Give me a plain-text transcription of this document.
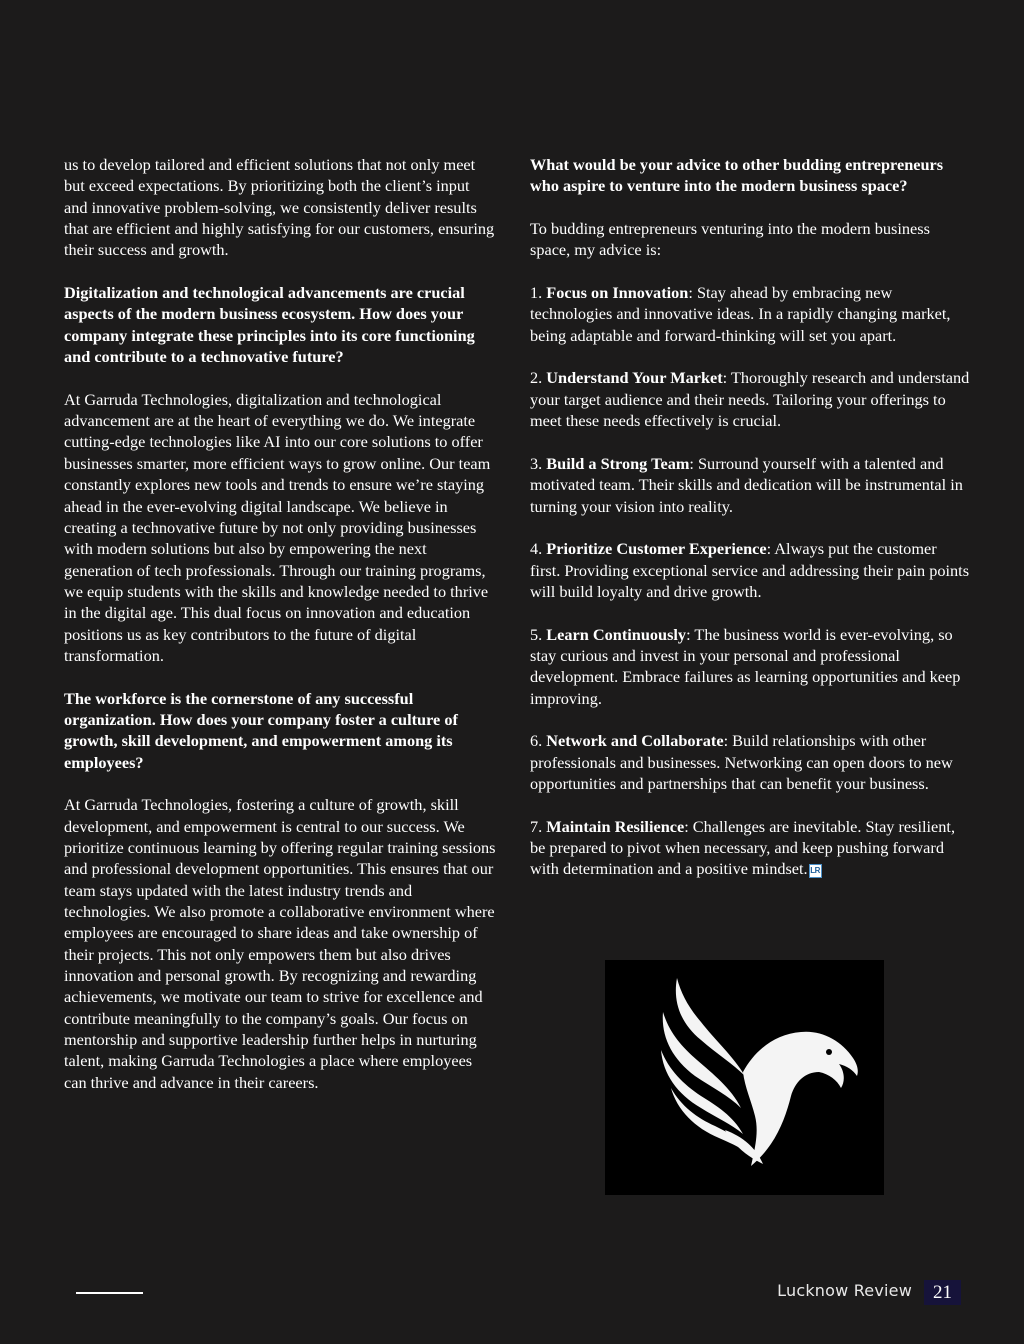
us to develop tailored and efficient solutions that not only meet but exceed expectations. By prioritizing both the client’s input and innovative problem-solving, we consistently deliver results that are efficient and highly satisfying for our customers, ensuring their success and growth.

Digitalization and technological advancements are crucial aspects of the modern business ecosystem. How does your company integrate these principles into its core functioning and contribute to a technovative future?

At Garruda Technologies, digitalization and technological advancement are at the heart of everything we do. We integrate cutting-edge technologies like AI into our core solutions to offer businesses smarter, more efficient ways to grow online. Our team constantly explores new tools and trends to ensure we’re staying ahead in the ever-evolving digital landscape. We believe in creating a technovative future by not only providing businesses with modern solutions but also by empowering the next generation of tech professionals. Through our training programs, we equip students with the skills and knowledge needed to thrive in the digital age. This dual focus on innovation and education positions us as key contributors to the future of digital transformation.

The workforce is the cornerstone of any successful organization. How does your company foster a culture of growth, skill development, and empowerment among its employees?

At Garruda Technologies, fostering a culture of growth, skill development, and empowerment is central to our success. We prioritize continuous learning by offering regular training sessions and professional development opportunities. This ensures that our team stays updated with the latest industry trends and technologies. We also promote a collaborative environment where employees are encouraged to share ideas and take ownership of their projects. This not only empowers them but also drives innovation and personal growth. By recognizing and rewarding achievements, we motivate our team to strive for excellence and contribute meaningfully to the company’s goals. Our focus on mentorship and supportive leadership further helps in nurturing talent, making Garruda Technologies a place where employees can thrive and advance in their careers.

What would be your advice to other budding entrepreneurs who aspire to venture into the modern business space?

To budding entrepreneurs venturing into the modern business space, my advice is:

1. Focus on Innovation: Stay ahead by embracing new technologies and innovative ideas. In a rapidly changing market, being adaptable and forward-thinking will set you apart.

2. Understand Your Market: Thoroughly research and understand your target audience and their needs. Tailoring your offerings to meet these needs effectively is crucial.

3. Build a Strong Team: Surround yourself with a talented and motivated team. Their skills and dedication will be instrumental in turning your vision into reality.

4. Prioritize Customer Experience: Always put the customer first. Providing exceptional service and addressing their pain points will build loyalty and drive growth.

5. Learn Continuously: The business world is ever-evolving, so stay curious and invest in your personal and professional development. Embrace failures as learning opportunities and keep improving.

6. Network and Collaborate: Build relationships with other professionals and businesses. Networking can open doors to new opportunities and partnerships that can benefit your business.

7. Maintain Resilience: Challenges are inevitable. Stay resilient, be prepared to pivot when necessary, and keep pushing forward with determination and a positive mindset. LR

Lucknow Review	21
